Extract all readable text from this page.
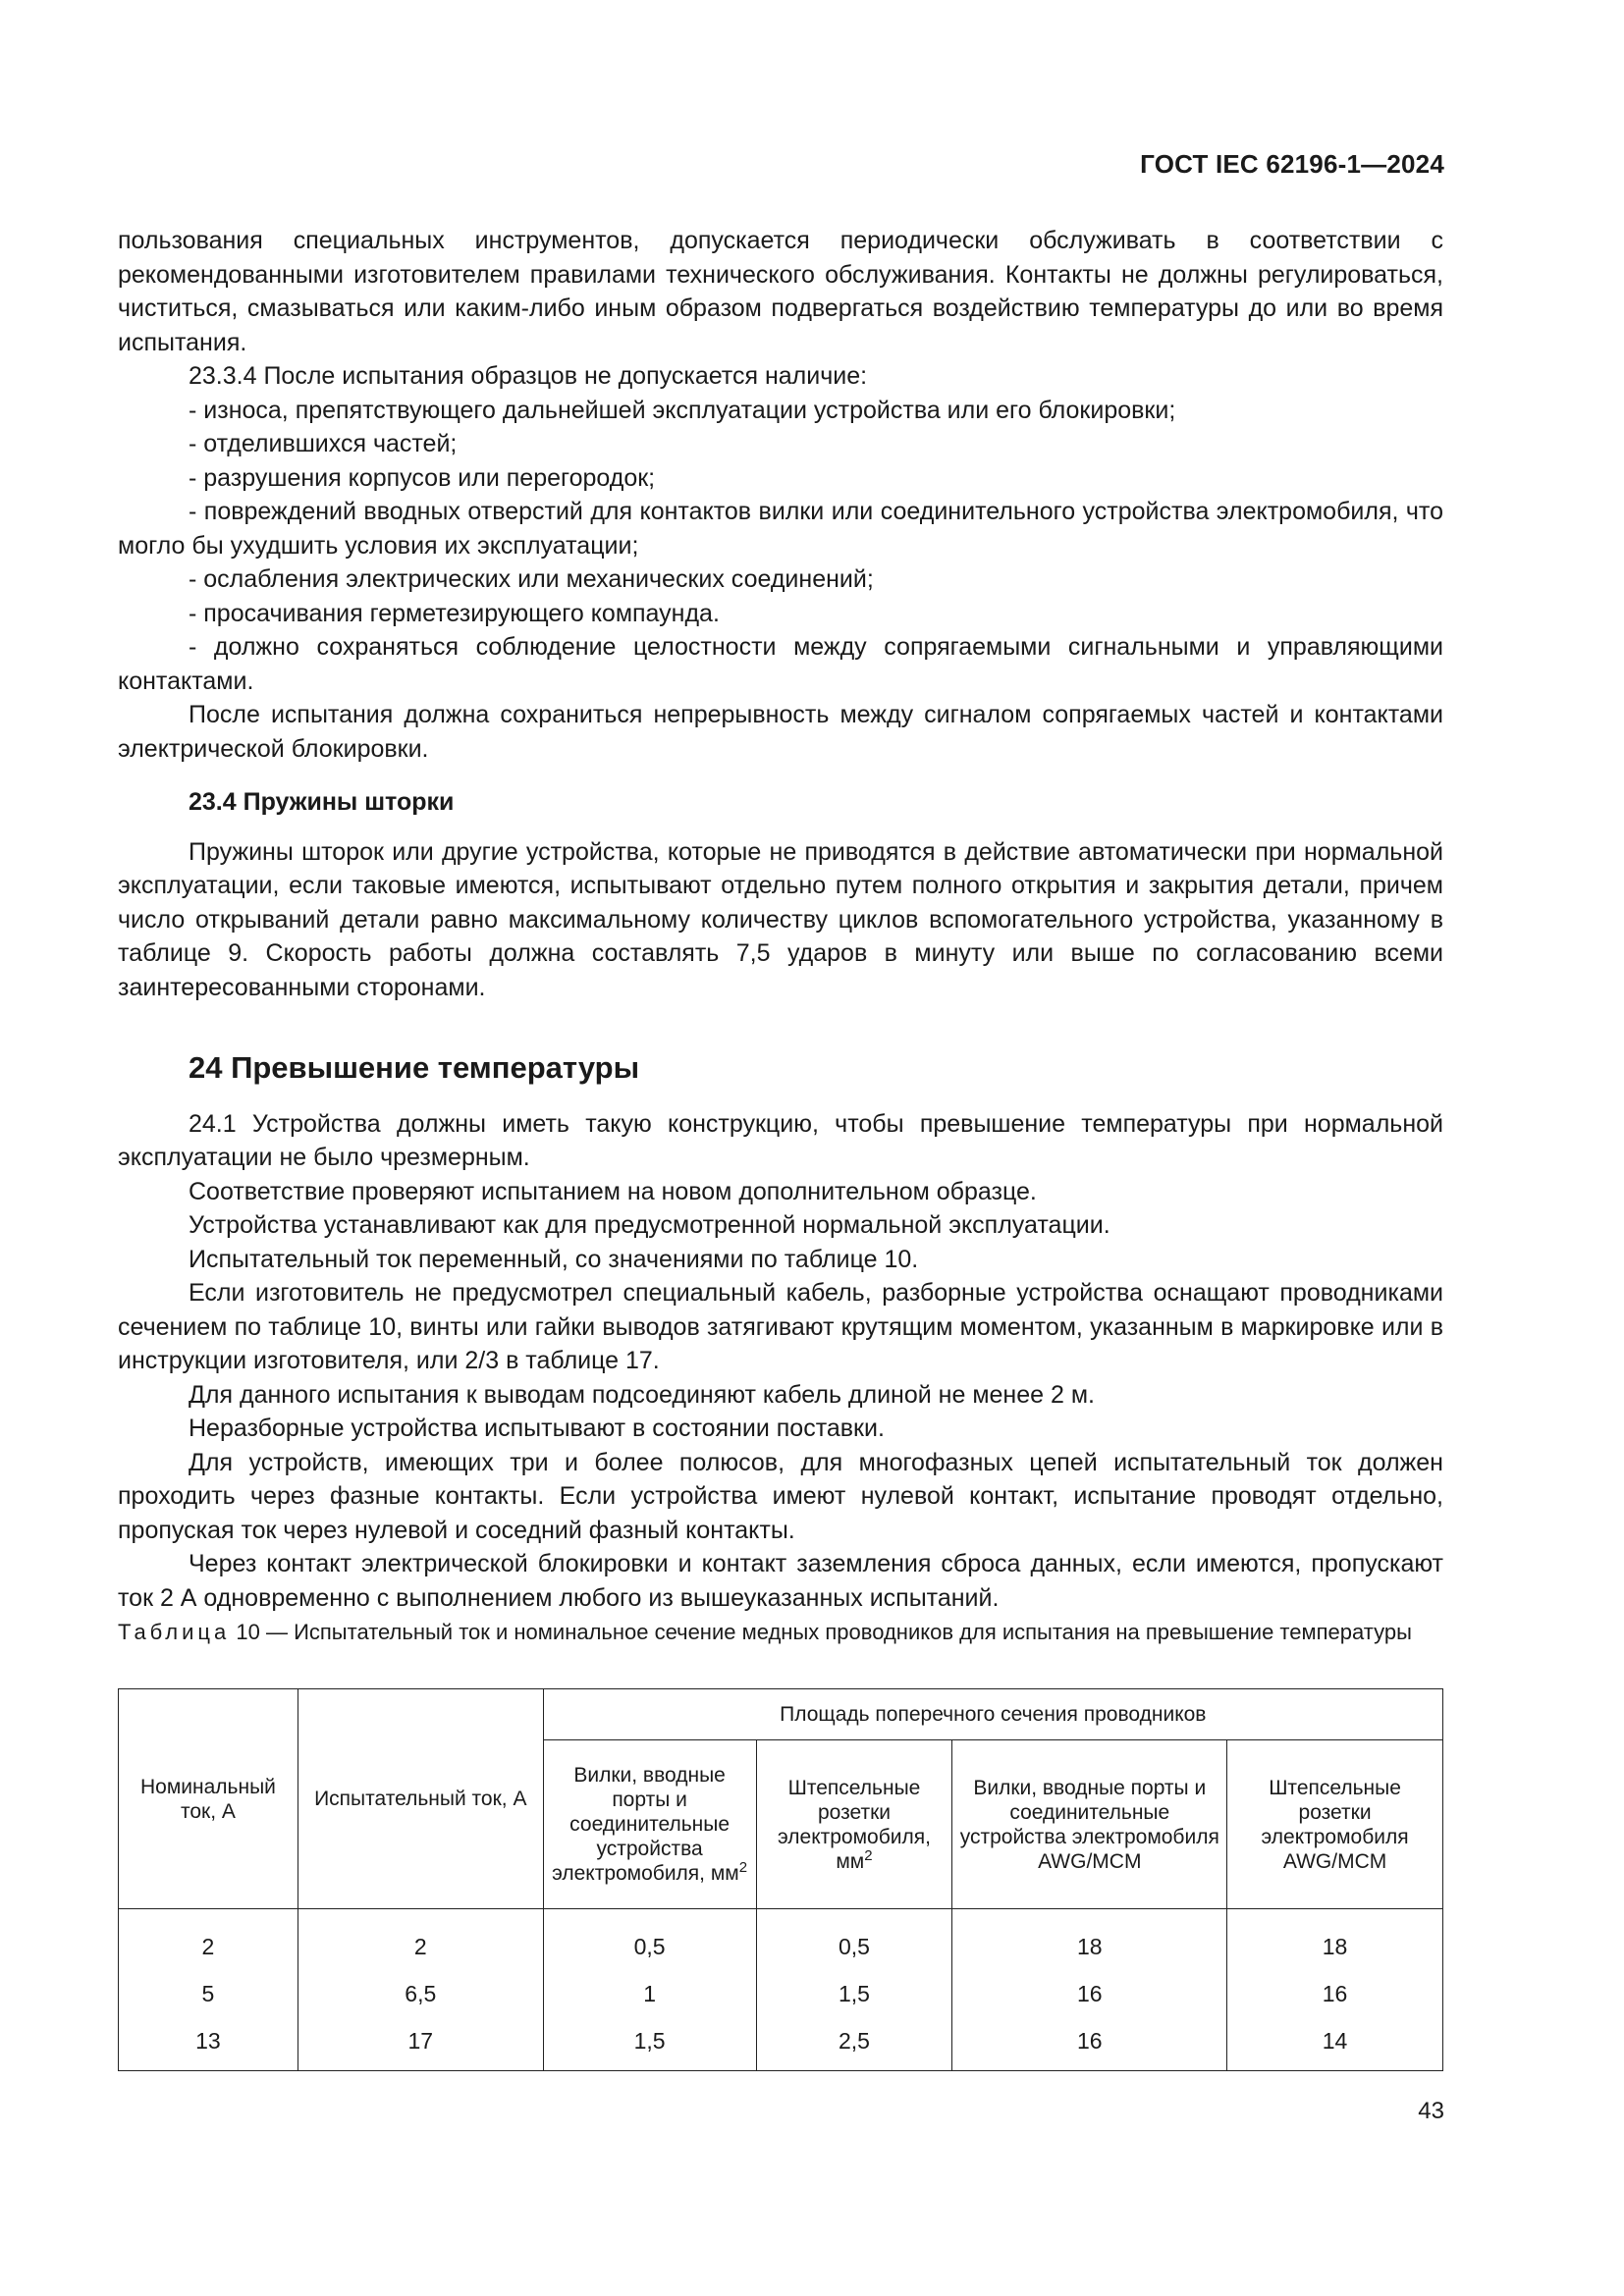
ГОСТ IEC 62196-1—2024

пользования специальных инструментов, допускается периодически обслуживать в соответствии с рекомендованными изготовителем правилами технического обслуживания. Контакты не должны регулироваться, чиститься, смазываться или каким-либо иным образом подвергаться воздействию температуры до или во время испытания.

23.3.4 После испытания образцов не допускается наличие:

- износа, препятствующего дальнейшей эксплуатации устройства или его блокировки;

- отделившихся частей;

- разрушения корпусов или перегородок;

- повреждений вводных отверстий для контактов вилки или соединительного устройства электромобиля, что могло бы ухудшить условия их эксплуатации;

- ослабления электрических или механических соединений;

- просачивания герметезирующего компаунда.

- должно сохраняться соблюдение целостности между сопрягаемыми сигнальными и управляющими контактами.

После испытания должна сохраниться непрерывность между сигналом сопрягаемых частей и контактами электрической блокировки.

23.4 Пружины шторки

Пружины шторок или другие устройства, которые не приводятся в действие автоматически при нормальной эксплуатации, если таковые имеются, испытывают отдельно путем полного открытия и закрытия детали, причем число открываний детали равно максимальному количеству циклов вспомогательного устройства, указанному в таблице 9. Скорость работы должна составлять 7,5 ударов в минуту или выше по согласованию всеми заинтересованными сторонами.

24 Превышение температуры

24.1 Устройства должны иметь такую конструкцию, чтобы превышение температуры при нормальной эксплуатации не было чрезмерным.

Соответствие проверяют испытанием на новом дополнительном образце.

Устройства устанавливают как для предусмотренной нормальной эксплуатации.

Испытательный ток переменный, со значениями по таблице 10.

Если изготовитель не предусмотрел специальный кабель, разборные устройства оснащают проводниками сечением по таблице 10, винты или гайки выводов затягивают крутящим моментом, указанным в маркировке или в инструкции изготовителя, или 2/3 в таблице 17.

Для данного испытания к выводам подсоединяют кабель длиной не менее 2 м.

Неразборные устройства испытывают в состоянии поставки.

Для устройств, имеющих три и более полюсов, для многофазных цепей испытательный ток должен проходить через фазные контакты. Если устройства имеют нулевой контакт, испытание проводят отдельно, пропуская ток через нулевой и соседний фазный контакты.

Через контакт электрической блокировки и контакт заземления сброса данных, если имеются, пропускают ток 2 А одновременно с выполнением любого из вышеуказанных испытаний.

Таблица 10 — Испытательный ток и номинальное сечение медных проводников для испытания на превышение температуры
Номинальный ток, А	Испытательный ток, А	Площадь поперечного сечения проводников			
		Вилки, вводные порты и соединительные устройства электромобиля, $мм^2$	Штепсельные розетки электромобиля, $мм^2$	Вилки, вводные порты и соединительные устройства электромобиля AWG/MCM	Штепсельные розетки электромобиля AWG/MCM
2	2	0,5	0,5	18	18
5	6,5	1	1,5	16	16
13	17	1,5	2,5	16	14
43
